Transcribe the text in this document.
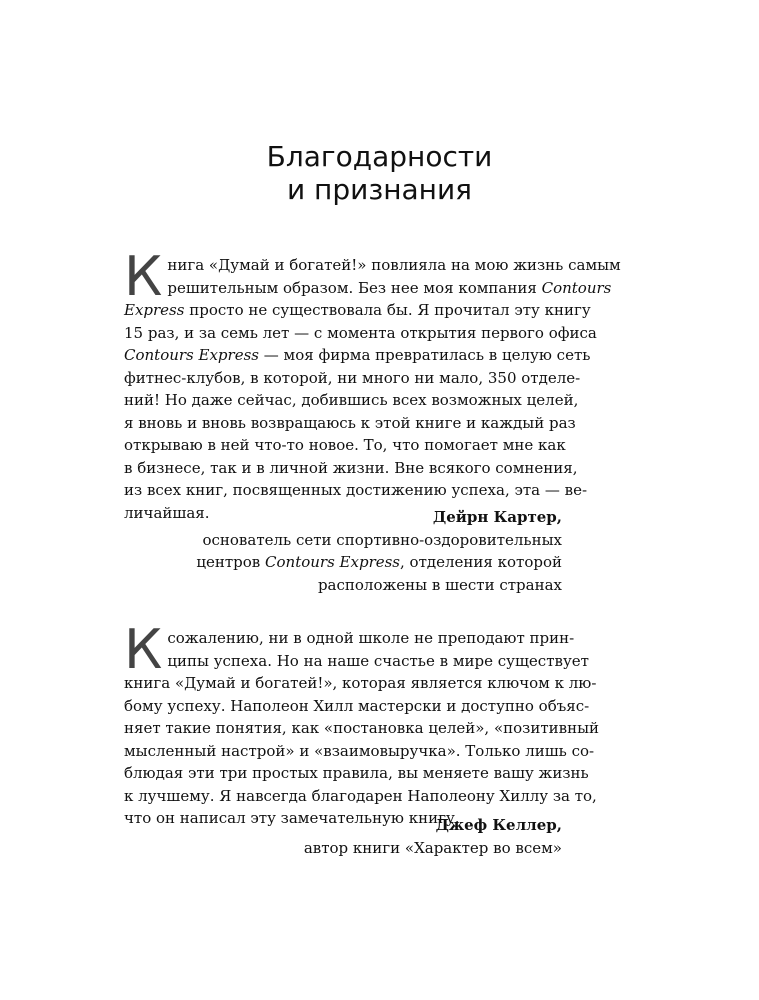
Благодарности
и признания

К нига «Думай и богатей!» повлияла на мою жизнь самым
решительным образом. Без нее моя компания Contours
Express просто не существовала бы. Я прочитал эту книгу
15 раз, и за семь лет — с момента открытия первого офиса
Contours Express — моя фирма превратилась в целую сеть
фитнес-клубов, в которой, ни много ни мало, 350 отделе-
ний! Но даже сейчас, добившись всех возможных целей,
я вновь и вновь возвращаюсь к этой книге и каждый раз
открываю в ней что-то новое. То, что помогает мне как
в бизнесе, так и в личной жизни. Вне всякого сомнения,
из всех книг, посвященных достижению успеха, эта — ве-
личайшая.	Дейрн Картер,
основатель сети спортивно-оздоровительных
центров Contours Express, отделения которой
расположены в шести странах

К сожалению, ни в одной школе не преподают прин-
ципы успеха. Но на наше счастье в мире существует
книга «Думай и богатей!», которая является ключом к лю-
бому успеху. Наполеон Хилл мастерски и доступно объяс-
няет такие понятия, как «постановка целей», «позитивный
мысленный настрой» и «взаимовыручка». Только лишь со-
блюдая эти три простых правила, вы меняете вашу жизнь
к лучшему. Я навсегда благодарен Наполеону Хиллу за то,
что он написал эту замечательную книгу.

Джеф Келлер,
автор книги «Характер во всем»
